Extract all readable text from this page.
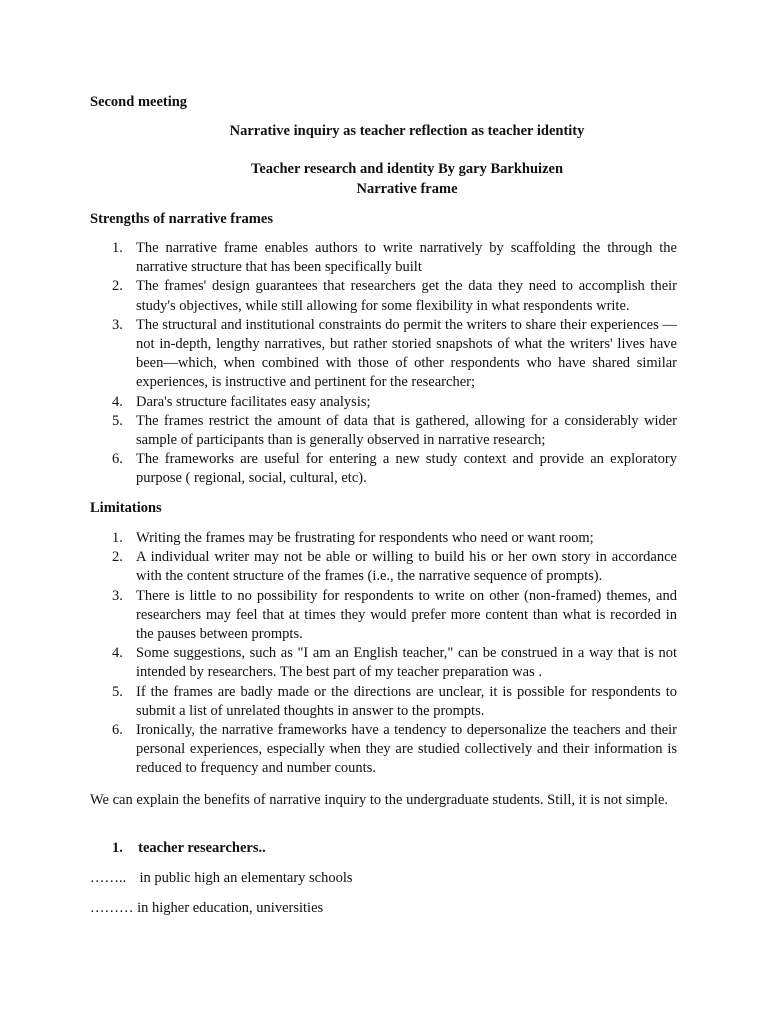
Second meeting
Narrative inquiry as teacher reflection as teacher identity
Teacher research and identity By gary Barkhuizen
Narrative frame
Strengths of narrative frames
1. The narrative frame enables authors to write narratively by scaffolding the through the narrative structure that has been specifically built
2. The frames' design guarantees that researchers get the data they need to accomplish their study's objectives, while still allowing for some flexibility in what respondents write.
3. The structural and institutional constraints do permit the writers to share their experiences —not in-depth, lengthy narratives, but rather storied snapshots of what the writers' lives have been—which, when combined with those of other respondents who have shared similar experiences, is instructive and pertinent for the researcher;
4. Dara's structure facilitates easy analysis;
5. The frames restrict the amount of data that is gathered, allowing for a considerably wider sample of participants than is generally observed in narrative research;
6. The frameworks are useful for entering a new study context and provide an exploratory purpose ( regional, social, cultural, etc).
Limitations
1. Writing the frames may be frustrating for respondents who need or want room;
2. A individual writer may not be able or willing to build his or her own story in accordance with the content structure of the frames (i.e., the narrative sequence of prompts).
3. There is little to no possibility for respondents to write on other (non-framed) themes, and researchers may feel that at times they would prefer more content than what is recorded in the pauses between prompts.
4. Some suggestions, such as "I am an English teacher," can be construed in a way that is not intended by researchers. The best part of my teacher preparation was .
5. If the frames are badly made or the directions are unclear, it is possible for respondents to submit a list of unrelated thoughts in answer to the prompts.
6. Ironically, the narrative frameworks have a tendency to depersonalize the teachers and their personal experiences, especially when they are studied collectively and their information is reduced to frequency and number counts.

We can explain the benefits of narrative inquiry to the undergraduate students. Still, it is not simple.

1. teacher researchers..
…….. in public high an elementary schools
……… in higher education, universities
